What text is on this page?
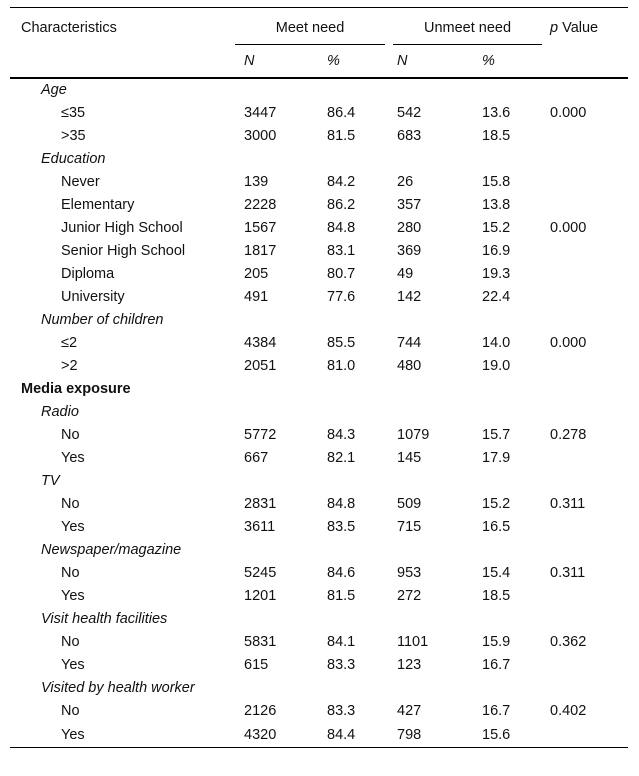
Characteristics	Meet need		Unmeet need		p Value
	N	%	N	%	
Age					
≤35	3447	86.4	542	13.6	0.000
>35	3000	81.5	683	18.5	
Education					
Never	139	84.2	26	15.8	
Elementary	2228	86.2	357	13.8	
Junior High School	1567	84.8	280	15.2	0.000
Senior High School	1817	83.1	369	16.9	
Diploma	205	80.7	49	19.3	
University	491	77.6	142	22.4	
Number of children					
≤2	4384	85.5	744	14.0	0.000
>2	2051	81.0	480	19.0	
Media exposure					
Radio					
No	5772	84.3	1079	15.7	0.278
Yes	667	82.1	145	17.9	
TV					
No	2831	84.8	509	15.2	0.311
Yes	3611	83.5	715	16.5	
Newspaper/magazine					
No	5245	84.6	953	15.4	0.311
Yes	1201	81.5	272	18.5	
Visit health facilities					
No	5831	84.1	1101	15.9	0.362
Yes	615	83.3	123	16.7	
Visited by health worker					
No	2126	83.3	427	16.7	0.402
Yes	4320	84.4	798	15.6	
